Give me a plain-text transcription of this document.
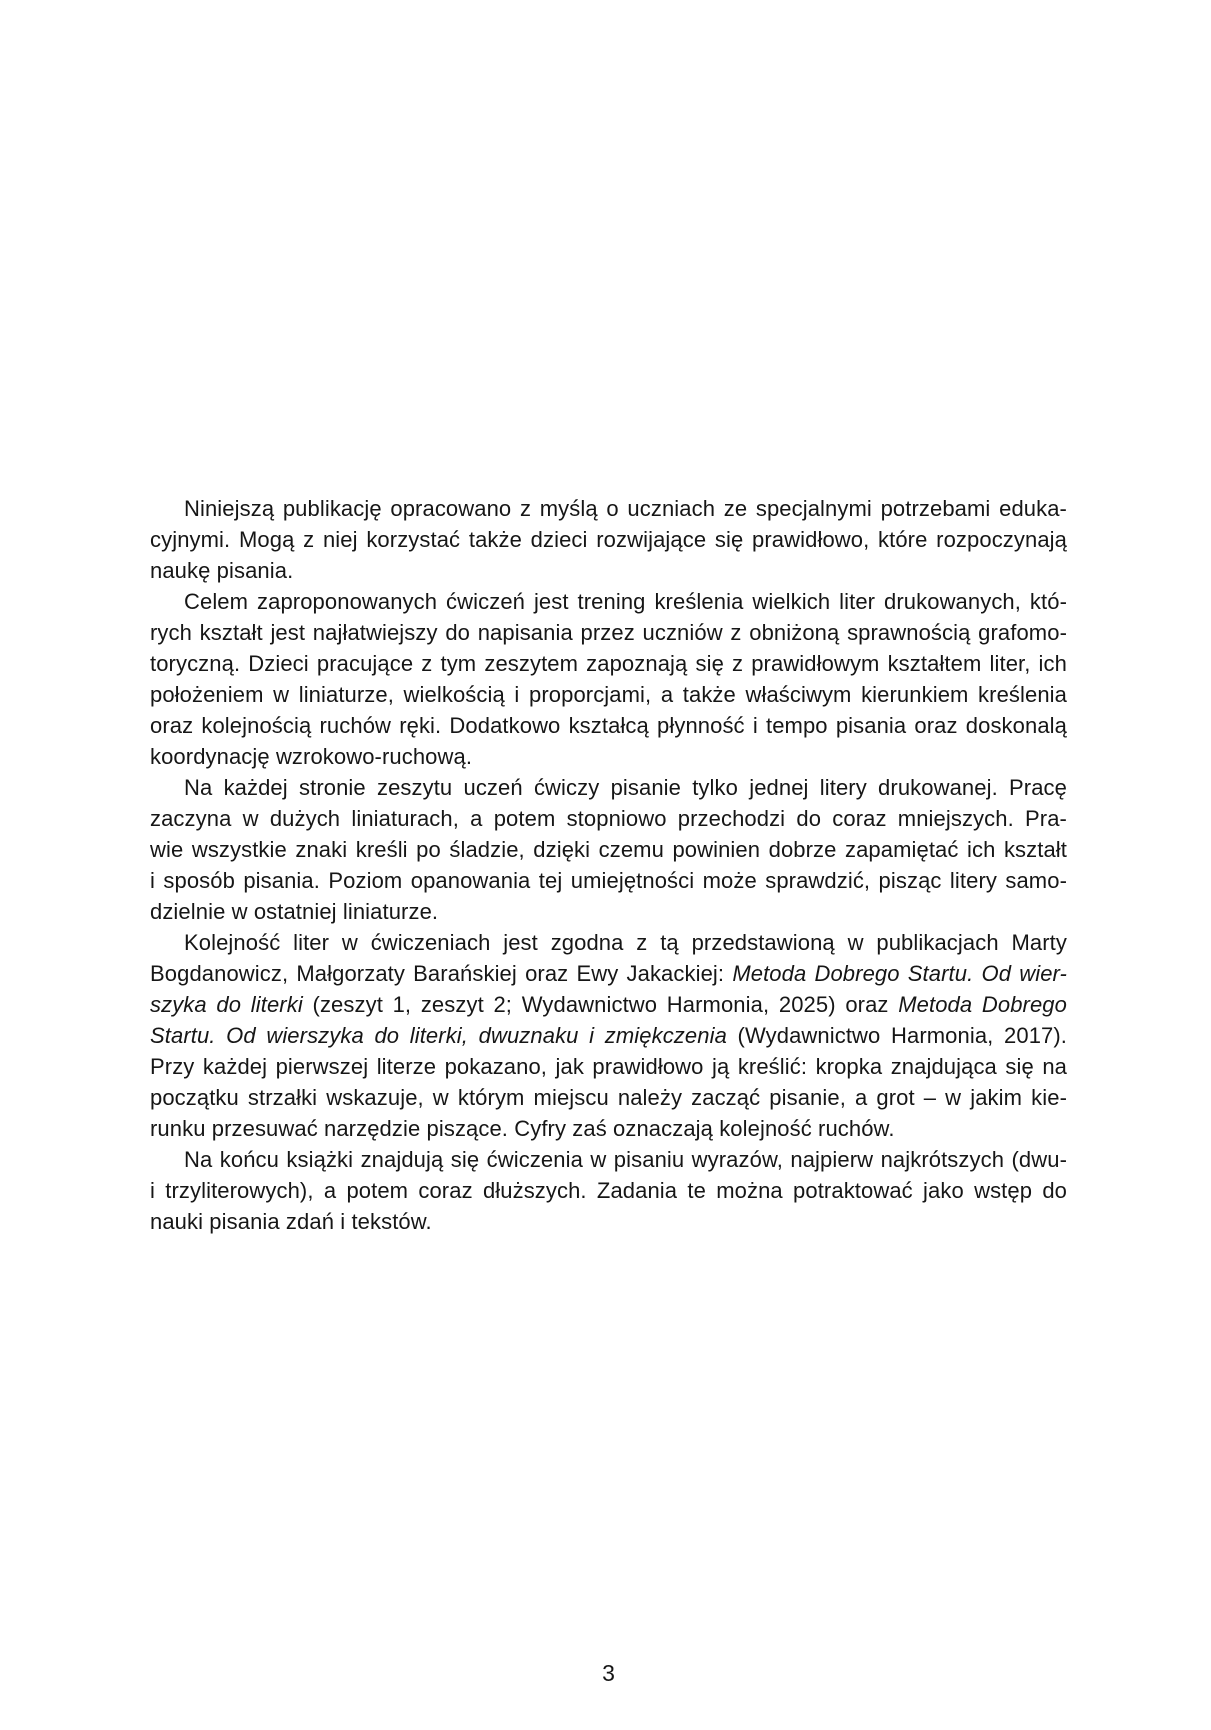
Niniejszą publikację opracowano z myślą o uczniach ze specjalnymi potrzebami eduka-
cyjnymi. Mogą z niej korzystać także dzieci rozwijające się prawidłowo, które rozpoczynają
naukę pisania.
Celem zaproponowanych ćwiczeń jest trening kreślenia wielkich liter drukowanych, któ-
rych kształt jest najłatwiejszy do napisania przez uczniów z obniżoną sprawnością grafomo-
toryczną. Dzieci pracujące z tym zeszytem zapoznają się z prawidłowym kształtem liter, ich
położeniem w liniaturze, wielkością i proporcjami, a także właściwym kierunkiem kreślenia
oraz kolejnością ruchów ręki. Dodatkowo kształcą płynność i tempo pisania oraz doskonalą
koordynację wzrokowo-ruchową.
Na każdej stronie zeszytu uczeń ćwiczy pisanie tylko jednej litery drukowanej. Pracę
zaczyna w dużych liniaturach, a potem stopniowo przechodzi do coraz mniejszych. Pra-
wie wszystkie znaki kreśli po śladzie, dzięki czemu powinien dobrze zapamiętać ich kształt
i sposób pisania. Poziom opanowania tej umiejętności może sprawdzić, pisząc litery samo-
dzielnie w ostatniej liniaturze.
Kolejność liter w ćwiczeniach jest zgodna z tą przedstawioną w publikacjach Marty
Bogdanowicz, Małgorzaty Barańskiej oraz Ewy Jakackiej: Metoda Dobrego Startu. Od wier-
szyka do literki (zeszyt 1, zeszyt 2; Wydawnictwo Harmonia, 2025) oraz Metoda Dobrego
Startu. Od wierszyka do literki, dwuznaku i zmiękczenia (Wydawnictwo Harmonia, 2017).
Przy każdej pierwszej literze pokazano, jak prawidłowo ją kreślić: kropka znajdująca się na
początku strzałki wskazuje, w którym miejscu należy zacząć pisanie, a grot – w jakim kie-
runku przesuwać narzędzie piszące. Cyfry zaś oznaczają kolejność ruchów.
Na końcu książki znajdują się ćwiczenia w pisaniu wyrazów, najpierw najkrótszych (dwu-
i trzyliterowych), a potem coraz dłuższych. Zadania te można potraktować jako wstęp do
nauki pisania zdań i tekstów.
3
